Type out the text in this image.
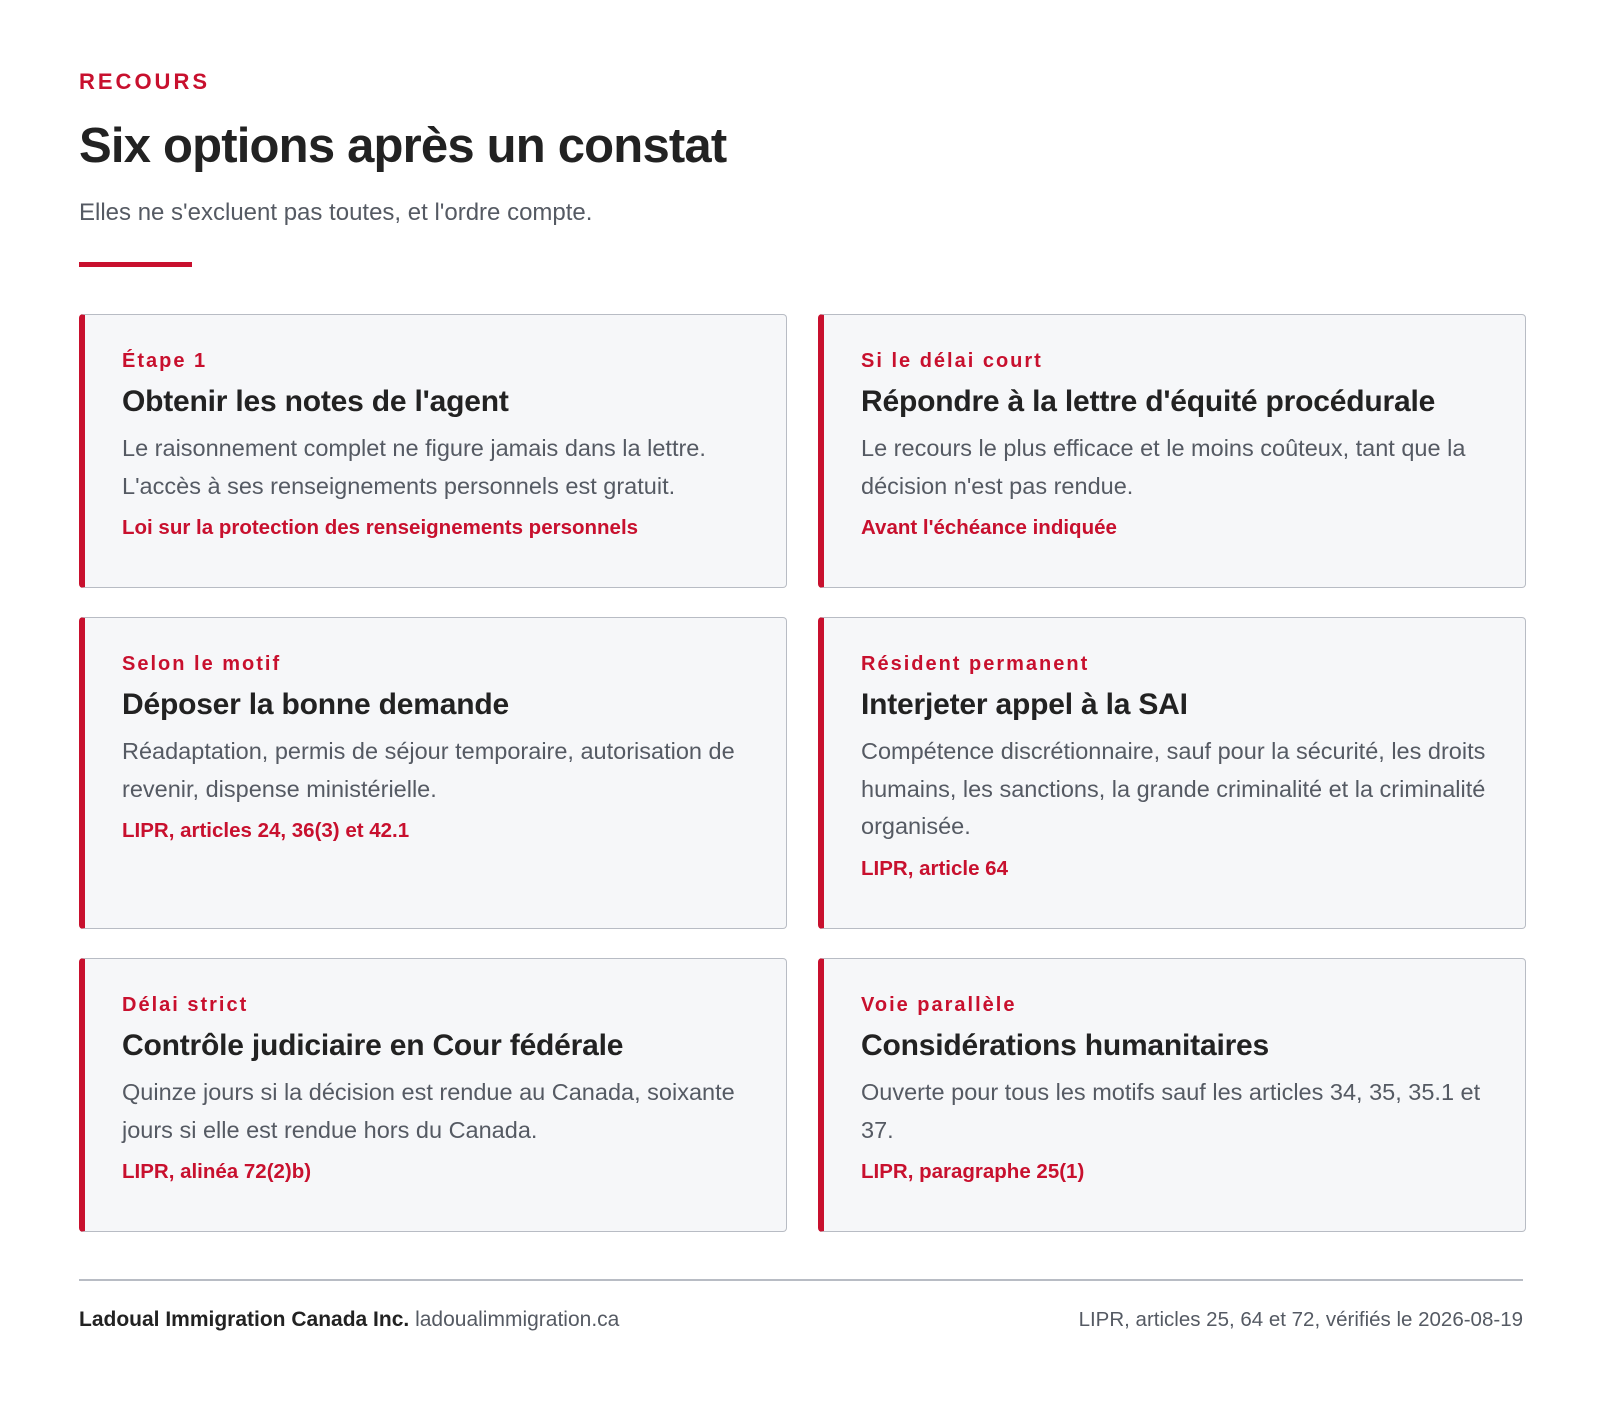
RECOURS
Six options après un constat

Elles ne s'excluent pas toutes, et l'ordre compte.

Étape 1
Obtenir les notes de l'agent
Le raisonnement complet ne figure jamais dans la lettre. L'accès à ses renseignements personnels est gratuit.
Loi sur la protection des renseignements personnels
Si le délai court
Répondre à la lettre d'équité procédurale
Le recours le plus efficace et le moins coûteux, tant que la décision n'est pas rendue.
Avant l'échéance indiquée
Selon le motif
Déposer la bonne demande
Réadaptation, permis de séjour temporaire, autorisation de revenir, dispense ministérielle.
LIPR, articles 24, 36(3) et 42.1
Résident permanent
Interjeter appel à la SAI
Compétence discrétionnaire, sauf pour la sécurité, les droits humains, les sanctions, la grande criminalité et la criminalité organisée.
LIPR, article 64
Délai strict
Contrôle judiciaire en Cour fédérale
Quinze jours si la décision est rendue au Canada, soixante jours si elle est rendue hors du Canada.
LIPR, alinéa 72(2)b)
Voie parallèle
Considérations humanitaires
Ouverte pour tous les motifs sauf les articles 34, 35, 35.1 et 37.
LIPR, paragraphe 25(1)
Ladoual Immigration Canada Inc. ladoualimmigration.ca	LIPR, articles 25, 64 et 72, vérifiés le 2026-08-19
